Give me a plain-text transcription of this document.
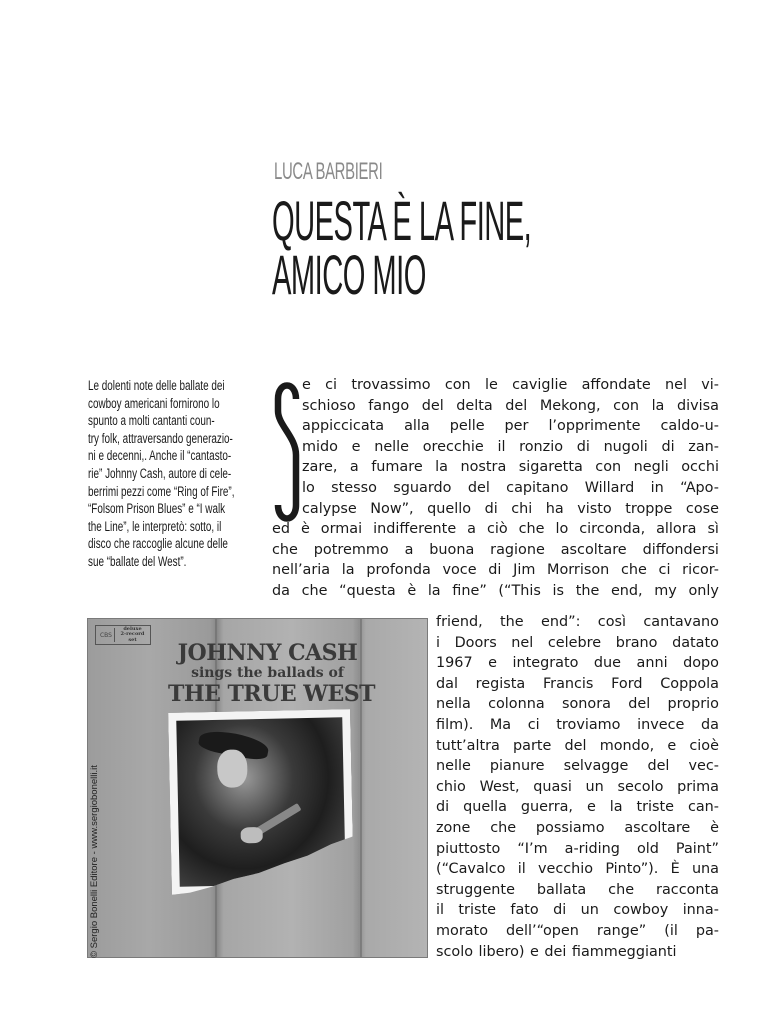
LUCA BARBIERI
QUESTA È LA FINE,
AMICO MIO
Le dolenti note delle ballate dei
cowboy americani fornirono lo
spunto a molti cantanti coun-
try folk, attraversando generazio-
ni e decenni,. Anche il “cantasto-
rie” Johnny Cash, autore di cele-
berrimi pezzi come “Ring of Fire”,
“Folsom Prison Blues” e “I walk
the Line”, le interpretò: sotto, il
disco che raccoglie alcune delle
sue “ballate del West”.
e ci trovassimo con le caviglie affondate nel vi-
schioso fango del delta del Mekong, con la divisa
appiccicata alla pelle per l’opprimente caldo-u-
mido e nelle orecchie il ronzio di nugoli di zan-
zare, a fumare la nostra sigaretta con negli occhi
lo stesso sguardo del capitano Willard in “Apo-
calypse Now”, quello di chi ha visto troppe cose
ed è ormai indifferente a ciò che lo circonda, allora sì
che potremmo a buona ragione ascoltare diffondersi
nell’aria la profonda voce di Jim Morrison che ci ricor-
da che “questa è la fine” (“This is the end, my only
friend, the end”: così cantavano
i Doors nel celebre brano datato
1967 e integrato due anni dopo
dal regista Francis Ford Coppola
nella colonna sonora del proprio
film). Ma ci troviamo invece da
tutt’altra parte del mondo, e cioè
nelle pianure selvagge del vec-
chio West, quasi un secolo prima
di quella guerra, e la triste can-
zone che possiamo ascoltare è
piuttosto “I’m a-riding old Paint”
(“Cavalco il vecchio Pinto”). È una
struggente ballata che racconta
il triste fato di un cowboy inna-
morato dell’“open range” (il pa-
scolo libero) e dei fiammeggianti
CBS
deluxe
2-record
set
JOHNNY CASH
sings the ballads of
THE TRUE WEST
© Sergio Bonelli Editore - www.sergiobonelli.it
